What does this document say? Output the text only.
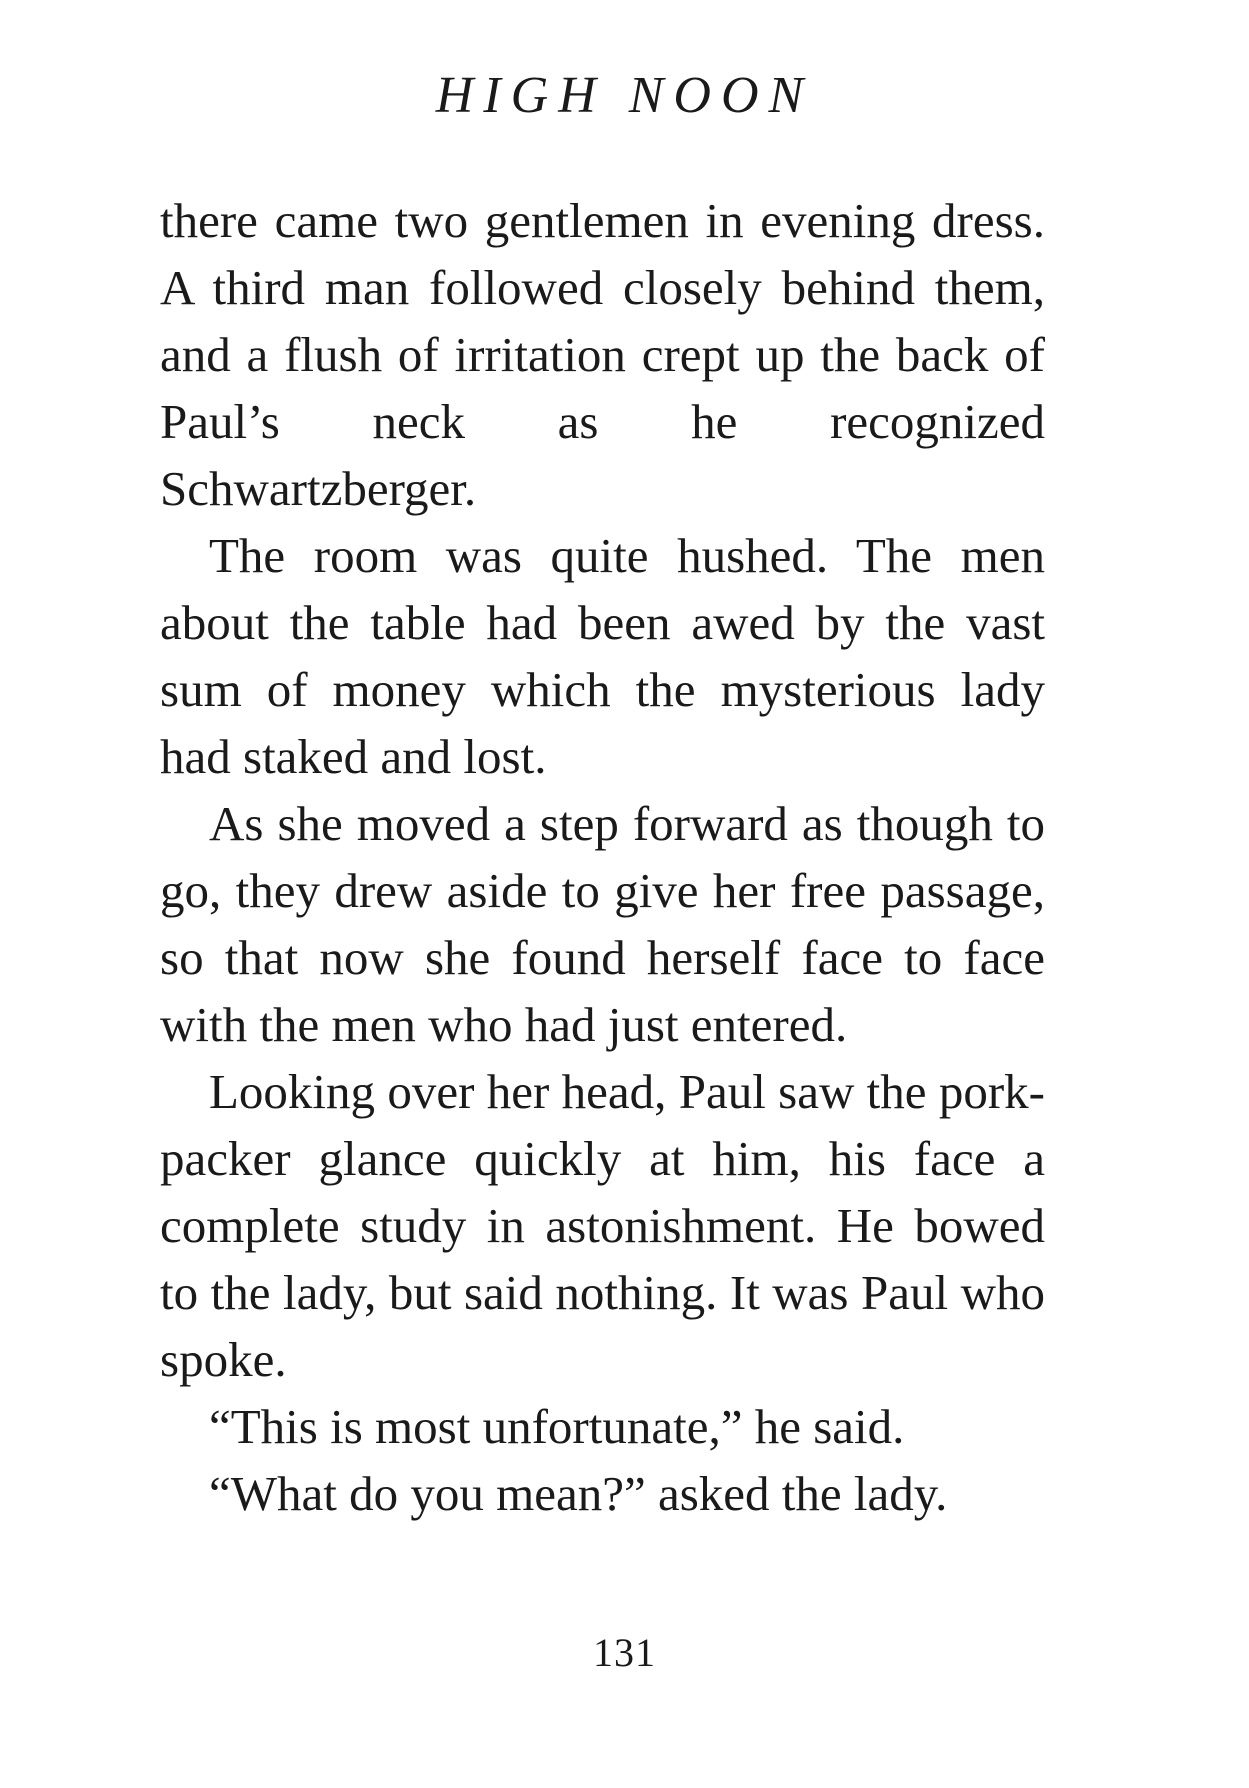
HIGH NOON

there came two gentlemen in evening dress. A third man followed closely behind them, and a flush of irritation crept up the back of Paul’s neck as he recognized Schwartzberger.

The room was quite hushed. The men about the table had been awed by the vast sum of money which the mysterious lady had staked and lost.

As she moved a step forward as though to go, they drew aside to give her free passage, so that now she found herself face to face with the men who had just entered.

Looking over her head, Paul saw the pork-packer glance quickly at him, his face a complete study in astonishment. He bowed to the lady, but said nothing. It was Paul who spoke.

“This is most unfortunate,” he said.

“What do you mean?” asked the lady.

131
